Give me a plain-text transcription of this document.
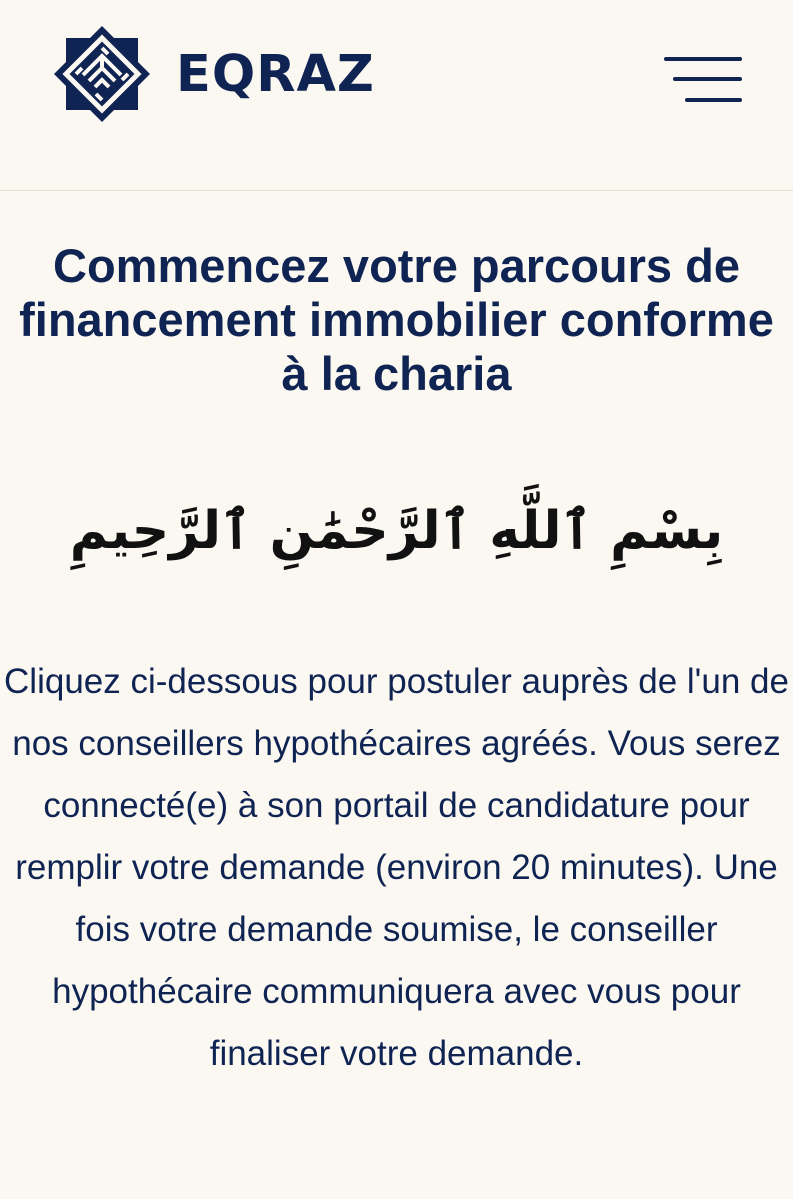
EQRAZ
Commencez votre parcours de financement immobilier conforme à la charia
بِسْمِ ٱللَّهِ ٱلرَّحْمَٰنِ ٱلرَّحِيمِ

Cliquez ci-dessous pour postuler auprès de l'un de nos conseillers hypothécaires agréés. Vous serez connecté(e) à son portail de candidature pour remplir votre demande (environ 20 minutes). Une fois votre demande soumise, le conseiller hypothécaire communiquera avec vous pour finaliser votre demande.
